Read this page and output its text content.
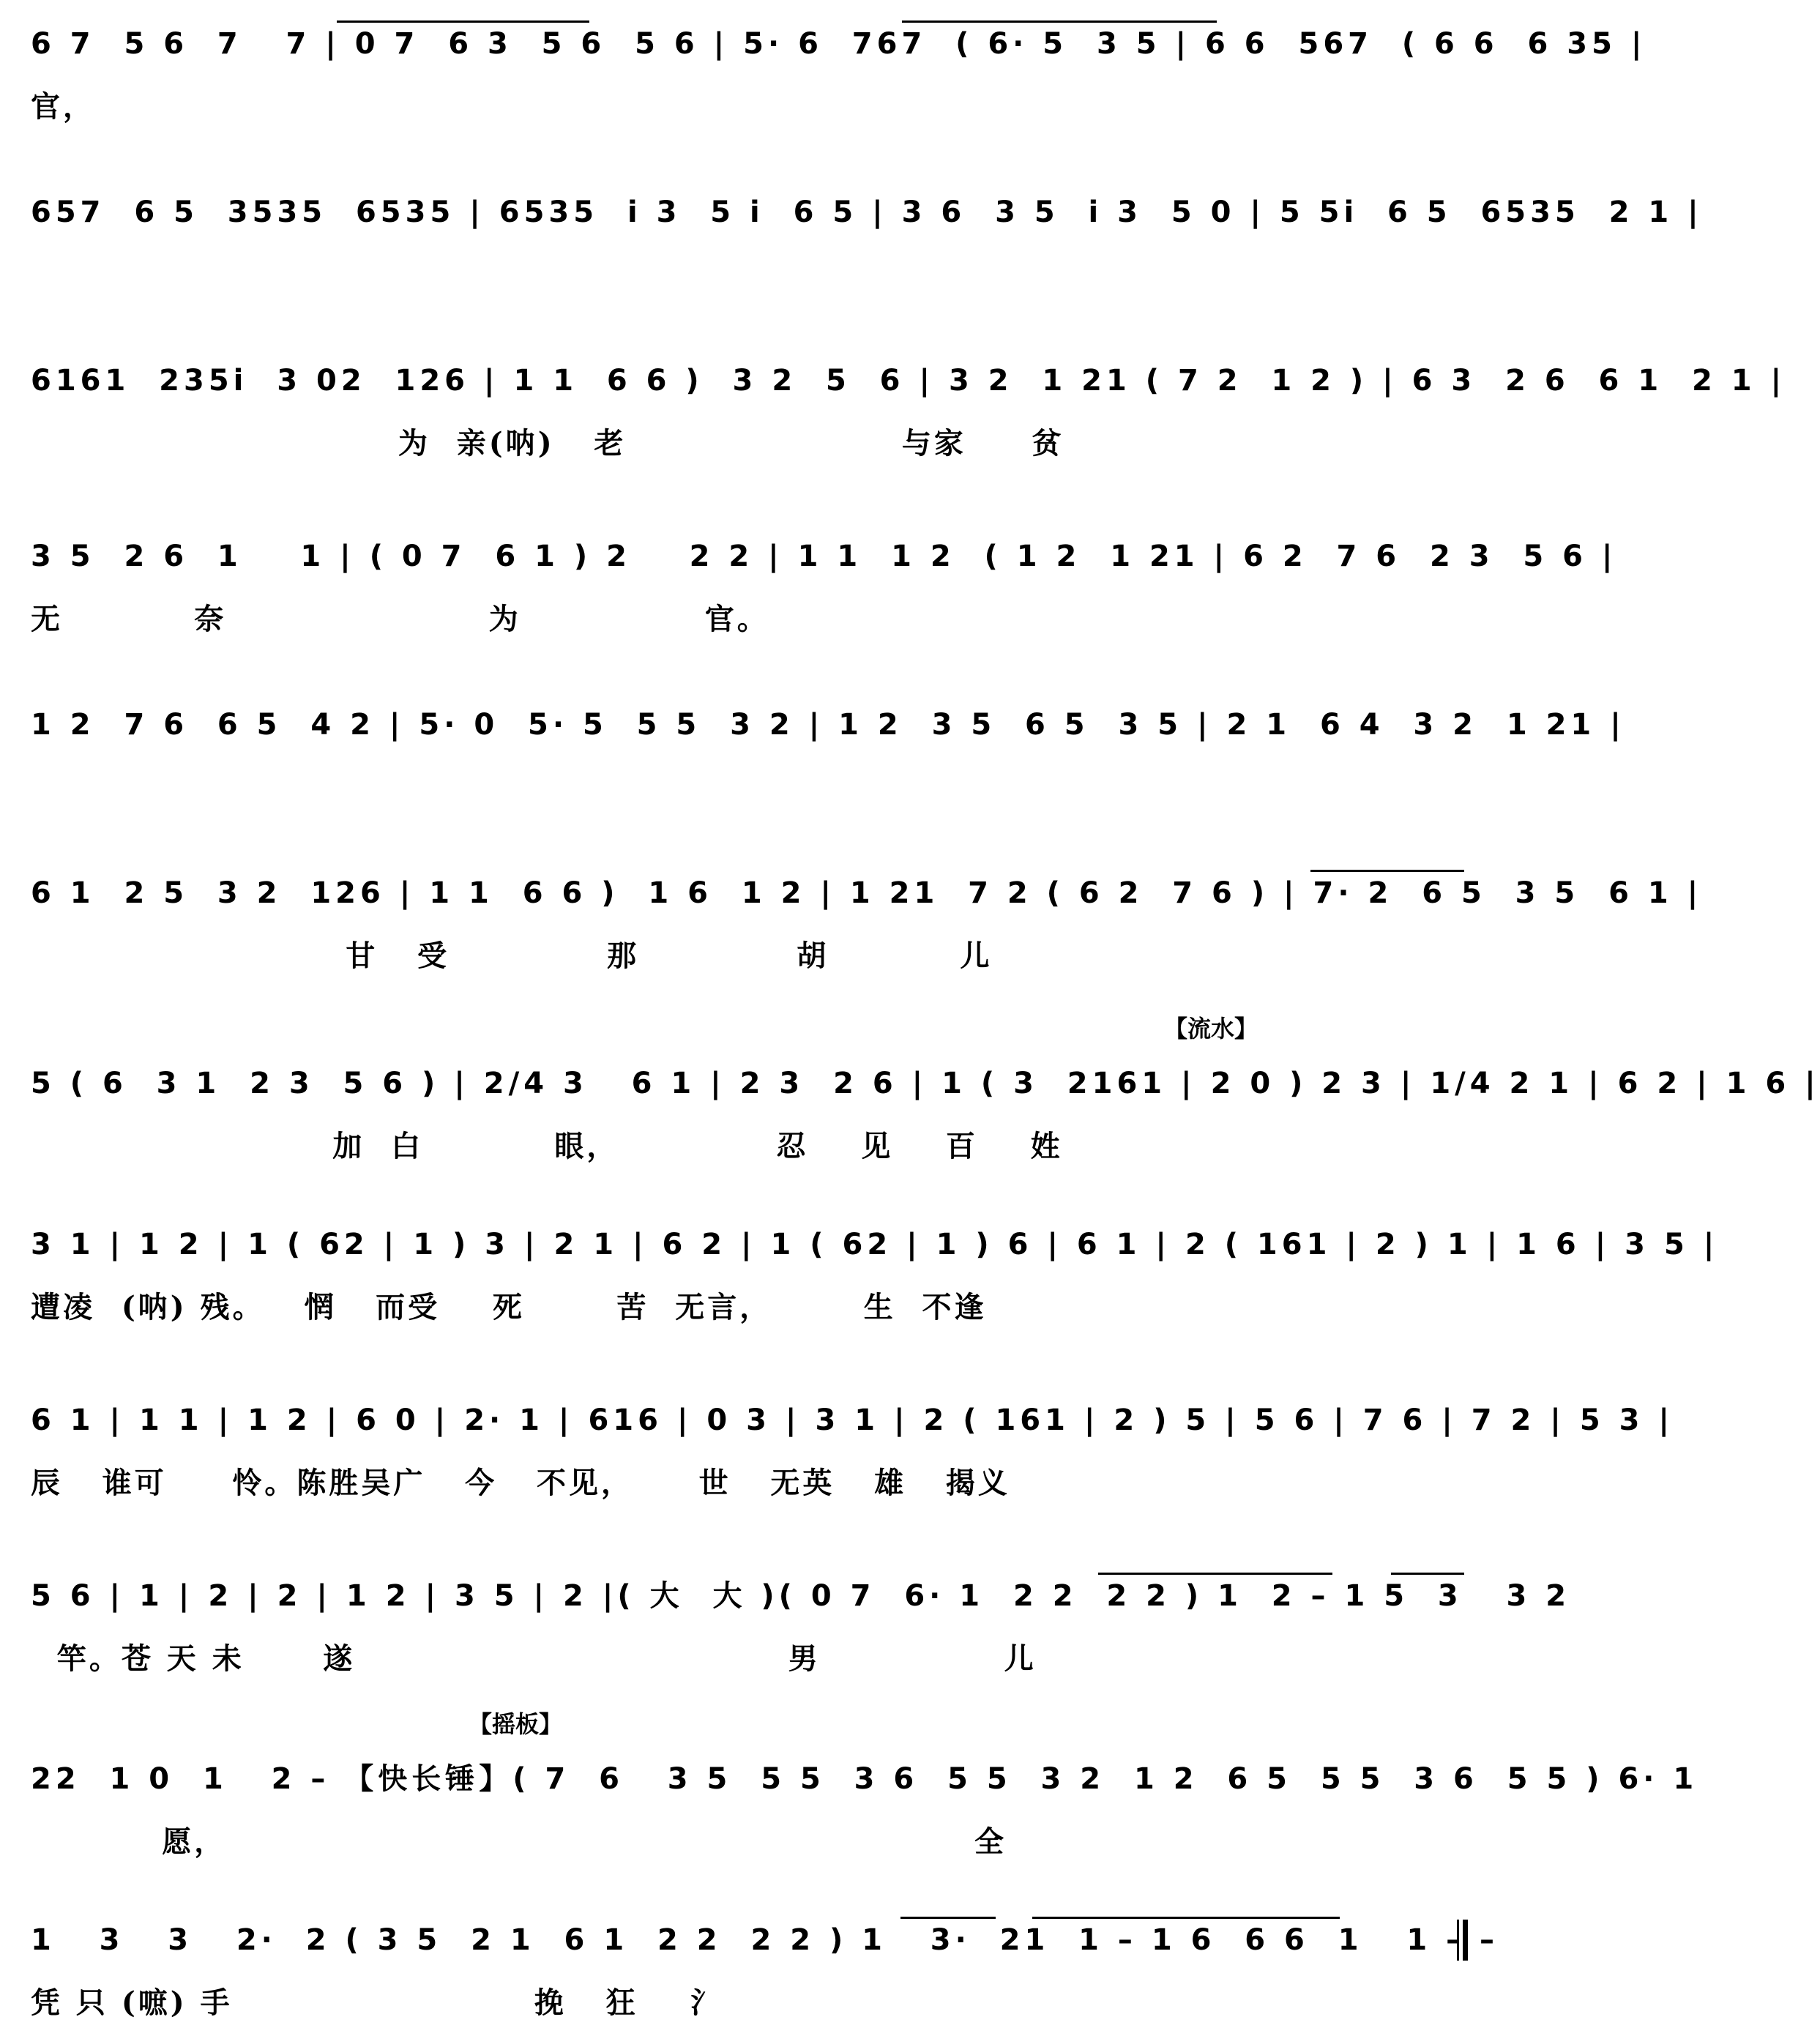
6 7  5 6  7   7 | 0 7  6 3  5 6  5 6 | 5· 6  767  ( 6· 5  3 5 | 6 6  567  ( 6 6  6 35 |
官，
657  6 5  3535  6535 | 6535  i 3  5 i  6 5 | 3 6  3 5  i 3  5 0 | 5 5i  6 5  6535  2 1 |
6161  235i  3 02  126 | 1 1  6 6 )  3 2  5  6 | 3 2  1 21 ( 7 2  1 2 ) | 6 3  2 6  6 1  2 1 |
为  亲(呐)   老                     与家     贫
3 5  2 6  1    1 | ( 0 7  6 1 ) 2    2 2 | 1 1  1 2  ( 1 2  1 21 | 6 2  7 6  2 3  5 6 |
无          奈                    为              官。
1 2  7 6  6 5  4 2 | 5· 0  5· 5  5 5  3 2 | 1 2  3 5  6 5  3 5 | 2 1  6 4  3 2  1 21 |
6 1  2 5  3 2  126 | 1 1  6 6 )  1 6  1 2 | 1 21  7 2 ( 6 2  7 6 ) | 7· 2  6 5  3 5  6 1 |
甘   受            那            胡          儿
【流水】
5 ( 6  3 1  2 3  5 6 ) | 2/4 3   6 1 | 2 3  2 6 | 1 ( 3  2161 | 2 0 ) 2 3 | 1/4 2 1 | 6 2 | 1 6 |
加  白          眼，            忍    见    百    姓
3 1 | 1 2 | 1 ( 62 | 1 ) 3 | 2 1 | 6 2 | 1 ( 62 | 1 ) 6 | 6 1 | 2 ( 161 | 2 ) 1 | 1 6 | 3 5 |
遭凌  (呐) 残。   惘   而受    死       苦  无言，       生  不逢
6 1 | 1 1 | 1 2 | 6 0 | 2· 1 | 616 | 0 3 | 3 1 | 2 ( 161 | 2 ) 5 | 5 6 | 7 6 | 7 2 | 5 3 |
辰   谁可     怜。陈胜吴广   今   不见，     世   无英   雄   揭义
5 6 | 1 | 2 | 2 | 1 2 | 3 5 | 2 |( 大  大 )( 0 7  6· 1  2 2  2 2 ) 1  2 – 1 5  3   3 2
竿。苍 天 未      遂                                 男              儿
【摇板】
22  1 0  1   2 – 【快长锤】( 7  6   3 5  5 5  3 6  5 5  3 2  1 2  6 5  5 5  3 6  5 5 ) 6· 1
愿，                                                         全
1   3   3   2·  2 ( 3 5  2 1  6 1  2 2  2 2 ) 1   3·  21  1 – 1 6  6 6  1   1 – –
凭 只 (嗻) 手                       挽   狂    氵
